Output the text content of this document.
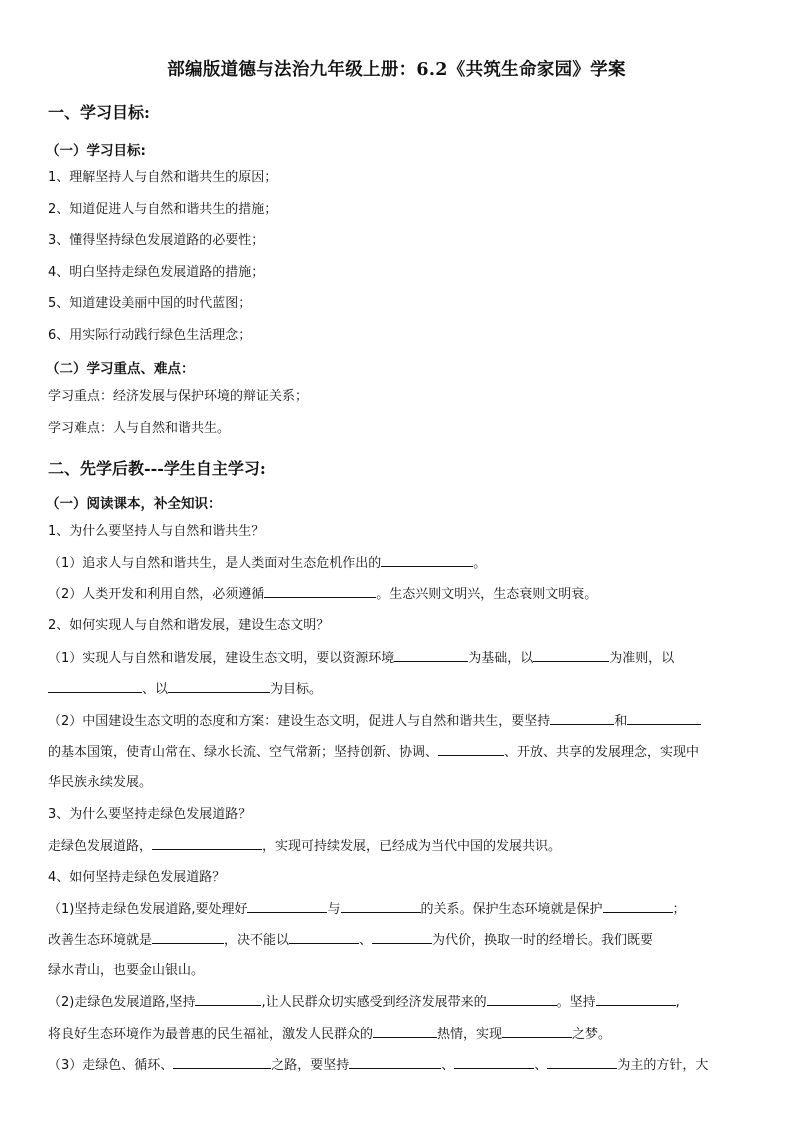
部编版道德与法治九年级上册：6.2《共筑生命家园》学案
一、学习目标:
（一）学习目标:
1、理解坚持人与自然和谐共生的原因；
2、知道促进人与自然和谐共生的措施；
3、懂得坚持绿色发展道路的必要性；
4、明白坚持走绿色发展道路的措施；
5、知道建设美丽中国的时代蓝图；
6、用实际行动践行绿色生活理念；
（二）学习重点、难点：
学习重点：经济发展与保护环境的辩证关系；
学习难点：人与自然和谐共生。
二、先学后教---学生自主学习:
（一）阅读课本，补全知识：
1、为什么要坚持人与自然和谐共生？
（1）追求人与自然和谐共生，是人类面对生态危机作出的	。
（2）人类开发和利用自然，必须遵循	。生态兴则文明兴，生态衰则文明衰。
2、如何实现人与自然和谐发展，建设生态文明？
（1）实现人与自然和谐发展，建设生态文明，要以资源环境	为基础，以	为准则，以
、以	为目标。
（2）中国建设生态文明的态度和方案：建设生态文明，促进人与自然和谐共生，要坚持	和
的基本国策，使青山常在、绿水长流、空气常新；坚持创新、协调、	、开放、共享的发展理念，实现中
华民族永续发展。
3、为什么要坚持走绿色发展道路？
走绿色发展道路，	，实现可持续发展，已经成为当代中国的发展共识。
4、如何坚持走绿色发展道路？
（1)坚持走绿色发展道路,要处理好	与	的关系。保护生态环境就是保护	；
改善生态环境就是	，决不能以	、	为代价，换取一时的经增长。我们既要
绿水青山，也要金山银山。
（2)走绿色发展道路,坚持	,让人民群众切实感受到经济发展带来的	。坚持	,
将良好生态环境作为最普惠的民生福祉，激发人民群众的	热情，实现	之梦。
（3）走绿色、循环、	之路，要坚持	、	、	为主的方针，大
